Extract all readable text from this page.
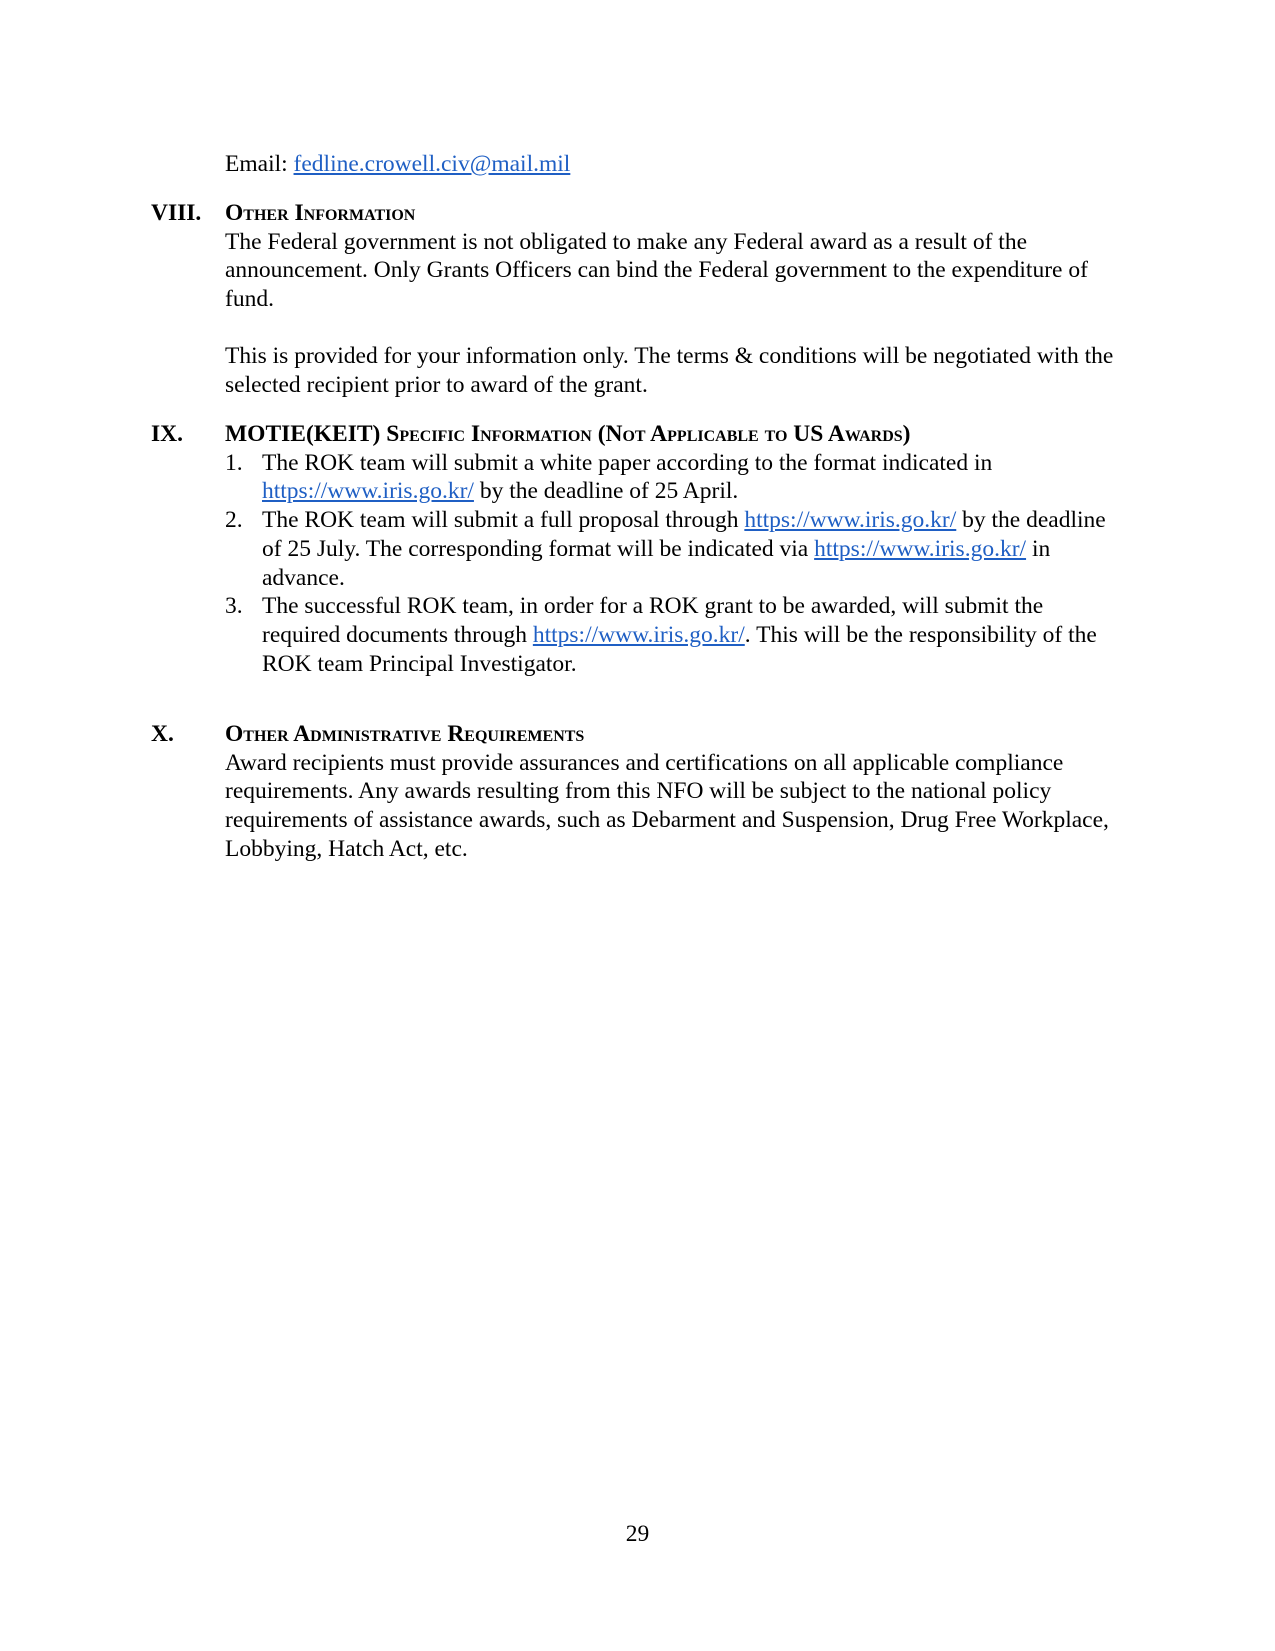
Email: fedline.crowell.civ@mail.mil
VIII. Other Information

The Federal government is not obligated to make any Federal award as a result of the announcement. Only Grants Officers can bind the Federal government to the expenditure of fund.

This is provided for your information only. The terms & conditions will be negotiated with the selected recipient prior to award of the grant.

IX. MOTIE(KEIT) Specific Information (Not Applicable to US Awards)
1. The ROK team will submit a white paper according to the format indicated in https://www.iris.go.kr/ by the deadline of 25 April.
2. The ROK team will submit a full proposal through https://www.iris.go.kr/ by the deadline of 25 July. The corresponding format will be indicated via https://www.iris.go.kr/ in advance.
3. The successful ROK team, in order for a ROK grant to be awarded, will submit the required documents through https://www.iris.go.kr/. This will be the responsibility of the ROK team Principal Investigator.
X. Other Administrative Requirements

Award recipients must provide assurances and certifications on all applicable compliance requirements. Any awards resulting from this NFO will be subject to the national policy requirements of assistance awards, such as Debarment and Suspension, Drug Free Workplace, Lobbying, Hatch Act, etc.

29
